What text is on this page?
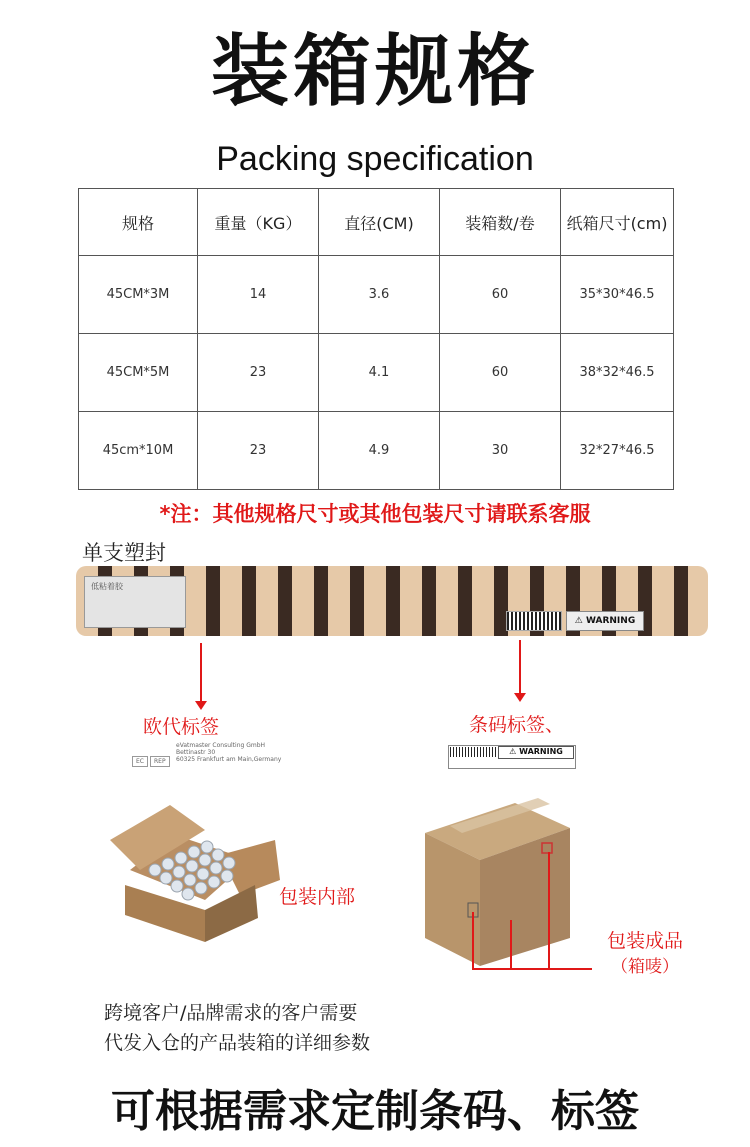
装箱规格
Packing specification
规格	重量（KG）	直径(CM)	装箱数/卷	纸箱尺寸(cm)
45CM*3M	14	3.6	60	35*30*46.5
45CM*5M	23	4.1	60	38*32*46.5
45cm*10M	23	4.9	30	32*27*46.5
*注：其他规格尺寸或其他包装尺寸请联系客服
单支塑封
低粘着胶
⚠ WARNING
欧代标签	条码标签、
EC REP
eVatmaster Consulting GmbH
Bettinastr 30
60325 Frankfurt am Main,Germany
⚠ WARNING
包装内部
包装成品
（箱唛）
跨境客户/品牌需求的客户需要
代发入仓的产品装箱的详细参数
可根据需求定制条码、标签
